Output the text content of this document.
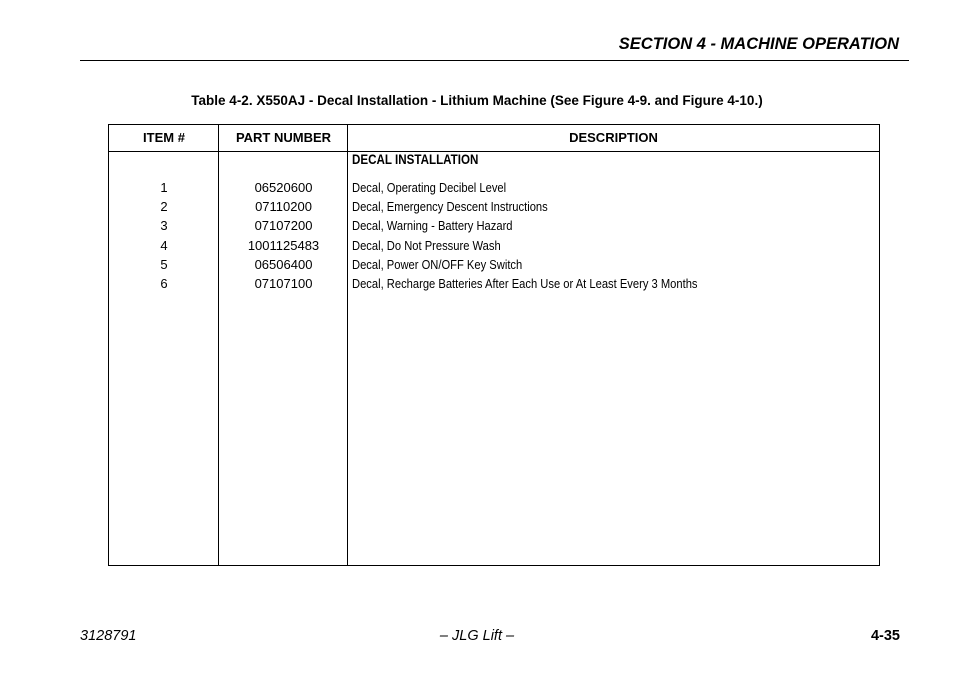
SECTION 4 - MACHINE OPERATION
Table 4-2. X550AJ - Decal Installation - Lithium Machine (See Figure 4-9. and Figure 4-10.)
ITEM #	PART NUMBER	DESCRIPTION
DECAL INSTALLATION
1	06520600	Decal, Operating Decibel Level
2	07110200	Decal, Emergency Descent Instructions
3	07107200	Decal, Warning - Battery Hazard
4	1001125483	Decal, Do Not Pressure Wash
5	06506400	Decal, Power ON/OFF Key Switch
6	07107100	Decal, Recharge Batteries After Each Use or At Least Every 3 Months
3128791	– JLG Lift –	4-35
